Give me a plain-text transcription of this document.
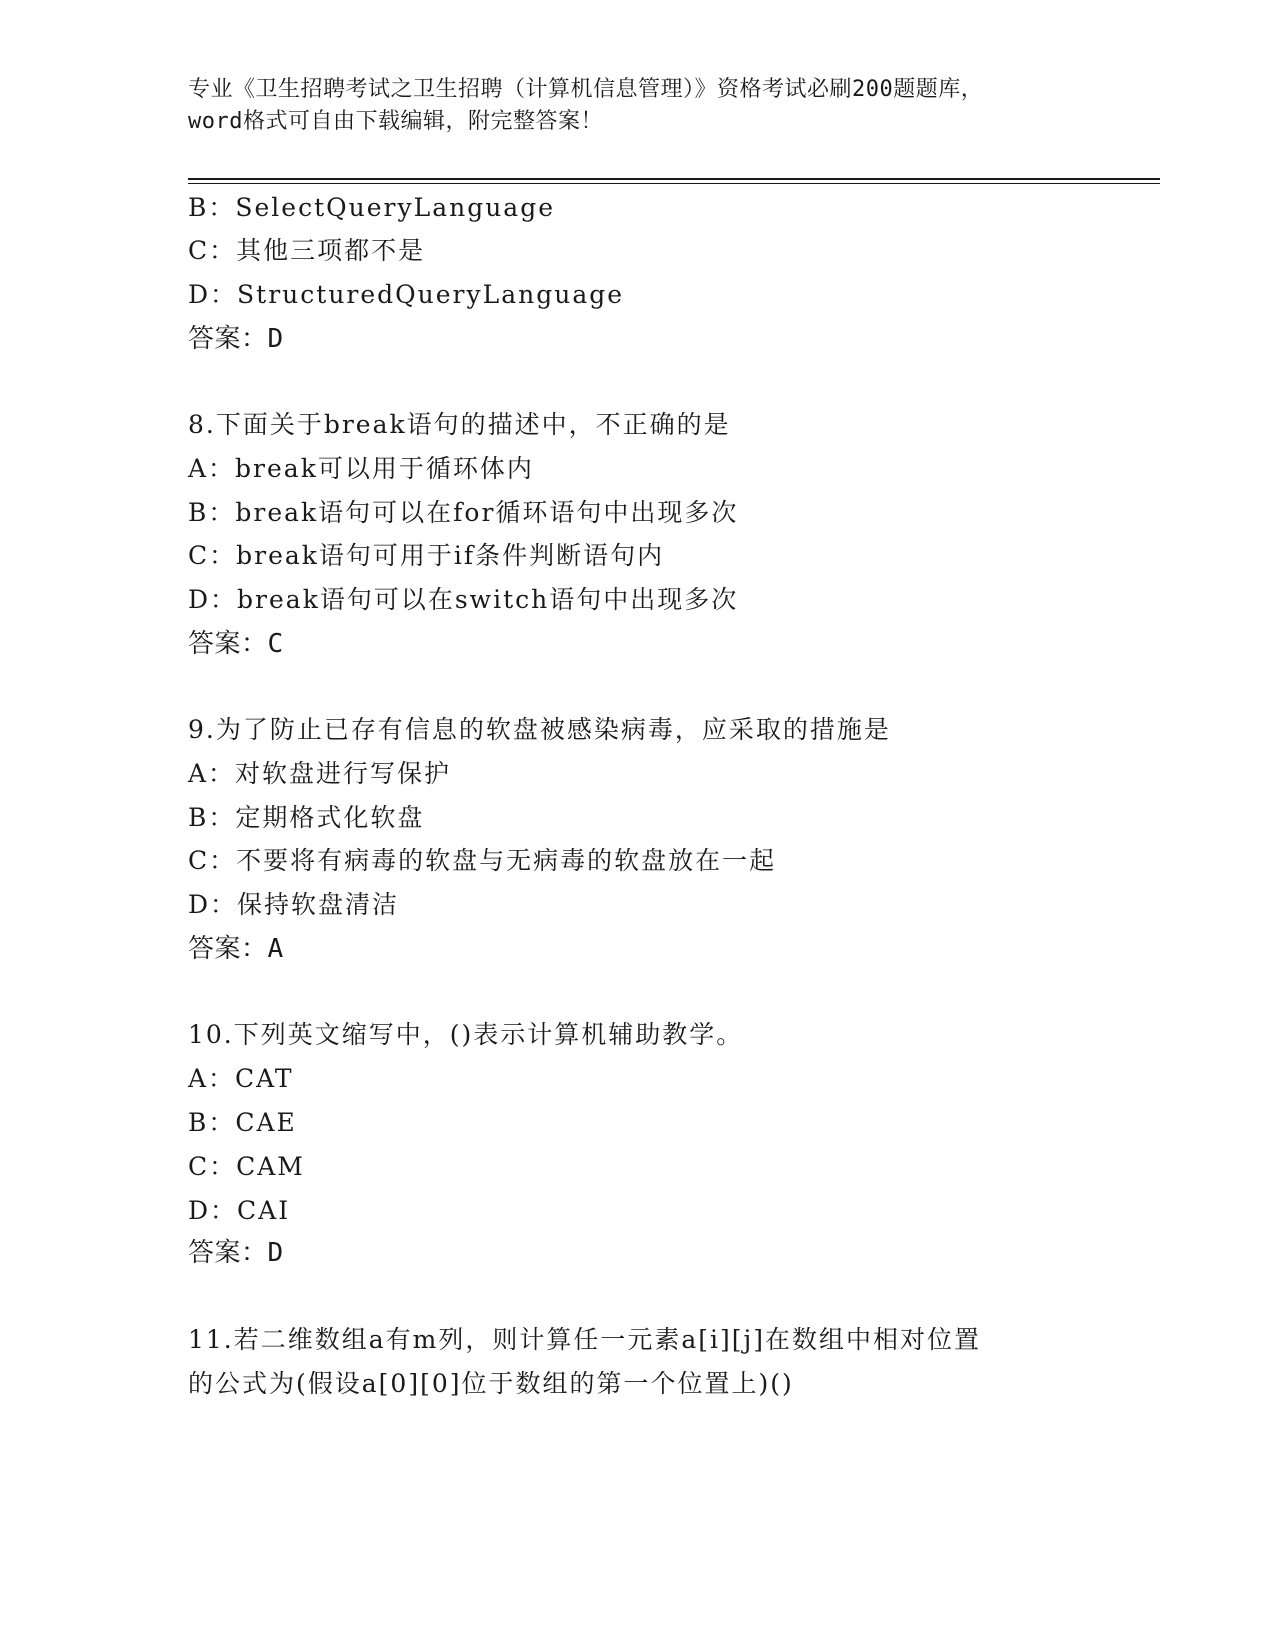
专业《卫生招聘考试之卫生招聘（计算机信息管理）》资格考试必刷200题题库，
word格式可自由下载编辑，附完整答案！
B：SelectQueryLanguage
C：其他三项都不是
D：StructuredQueryLanguage
答案：D
8.下面关于break语句的描述中，不正确的是
A：break可以用于循环体内
B：break语句可以在for循环语句中出现多次
C：break语句可用于if条件判断语句内
D：break语句可以在switch语句中出现多次
答案：C
9.为了防止已存有信息的软盘被感染病毒，应采取的措施是
A：对软盘进行写保护
B：定期格式化软盘
C：不要将有病毒的软盘与无病毒的软盘放在一起
D：保持软盘清洁
答案：A
10.下列英文缩写中，()表示计算机辅助教学。
A：CAT
B：CAE
C：CAM
D：CAI
答案：D
11.若二维数组a有m列，则计算任一元素a[i][j]在数组中相对位置
的公式为(假设a[0][0]位于数组的第一个位置上)()
